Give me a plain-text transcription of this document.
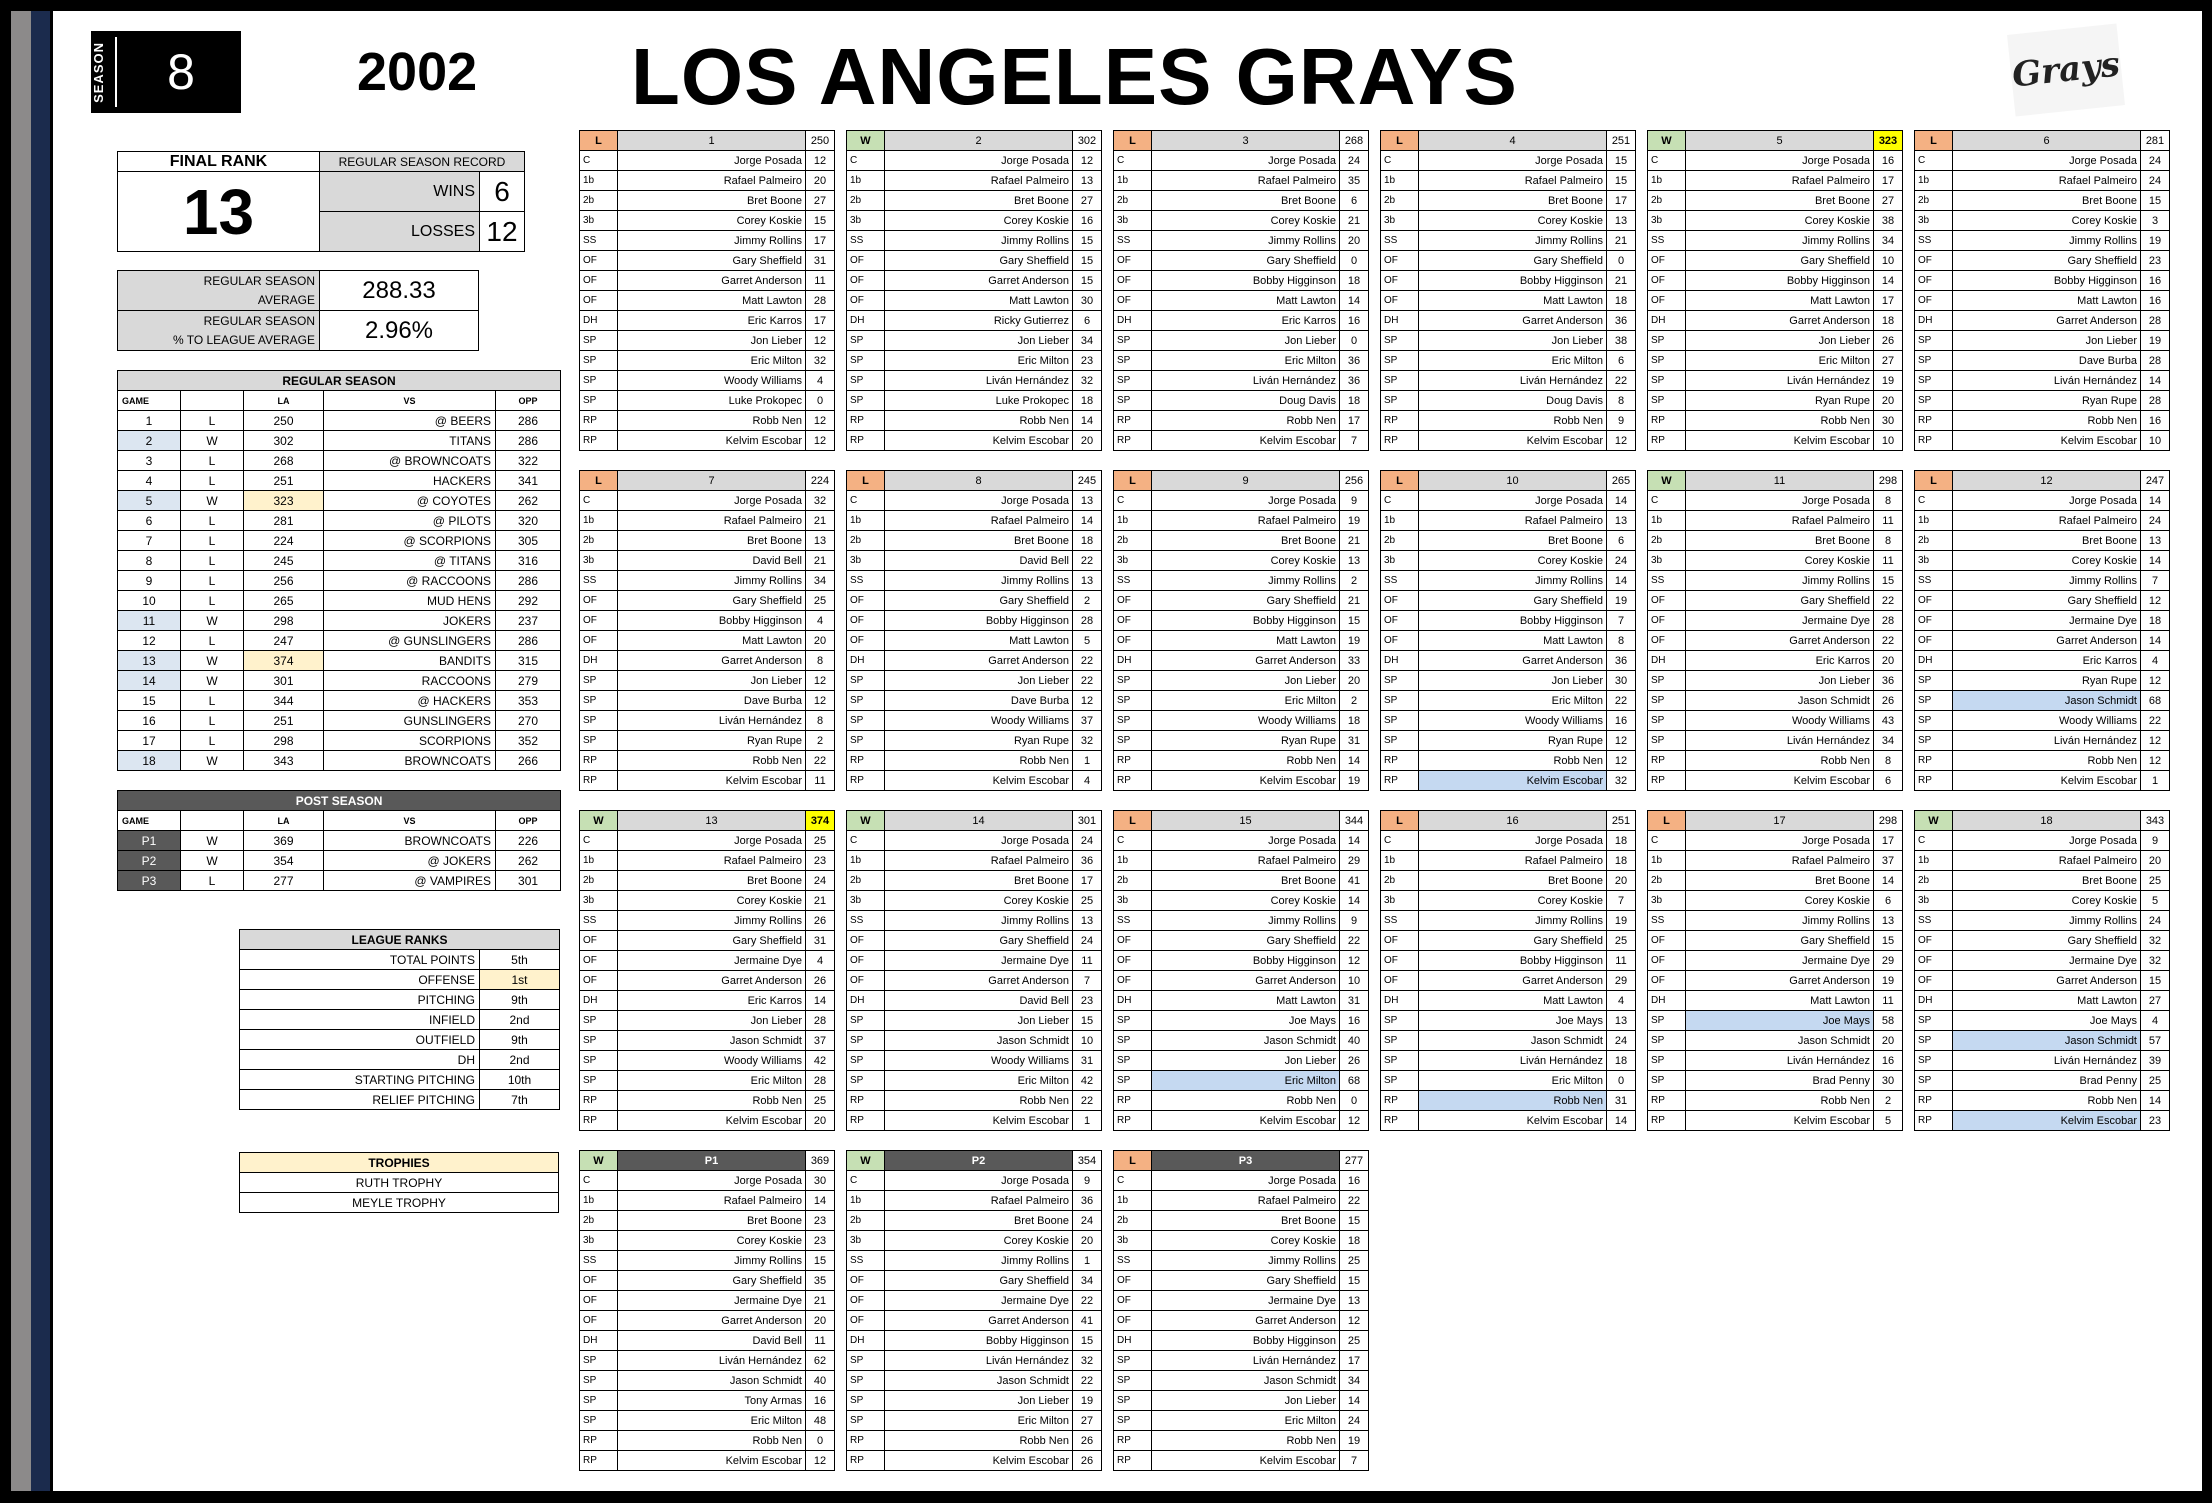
SEASON	8	2002 LOS ANGELES GRAYS	Grays
FINAL RANK	REGULAR SEASON RECORD	
13	WINS	6
	LOSSES	12
REGULAR SEASON
AVERAGE	288.33
REGULAR SEASON
% TO LEAGUE AVERAGE	2.96%
REGULAR SEASON				
GAME		LA	VS	OPP
1	L	250	@ BEERS	286
2	W	302	TITANS	286
3	L	268	@ BROWNCOATS	322
4	L	251	HACKERS	341
5	W	323	@ COYOTES	262
6	L	281	@ PILOTS	320
7	L	224	@ SCORPIONS	305
8	L	245	@ TITANS	316
9	L	256	@ RACCOONS	286
10	L	265	MUD HENS	292
11	W	298	JOKERS	237
12	L	247	@ GUNSLINGERS	286
13	W	374	BANDITS	315
14	W	301	RACCOONS	279
15	L	344	@ HACKERS	353
16	L	251	GUNSLINGERS	270
17	L	298	SCORPIONS	352
18	W	343	BROWNCOATS	266
POST SEASON				
GAME		LA	VS	OPP
P1	W	369	BROWNCOATS	226
P2	W	354	@ JOKERS	262
P3	L	277	@ VAMPIRES	301
LEAGUE RANKS	
TOTAL POINTS	5th
OFFENSE	1st
PITCHING	9th
INFIELD	2nd
OUTFIELD	9th
DH	2nd
STARTING PITCHING	10th
RELIEF PITCHING	7th
TROPHIES
RUTH TROPHY
MEYLE TROPHY
L	1	250
C	Jorge Posada	12
1b	Rafael Palmeiro	20
2b	Bret Boone	27
3b	Corey Koskie	15
SS	Jimmy Rollins	17
OF	Gary Sheffield	31
OF	Garret Anderson	11
OF	Matt Lawton	28
DH	Eric Karros	17
SP	Jon Lieber	12
SP	Eric Milton	32
SP	Woody Williams	4
SP	Luke Prokopec	0
RP	Robb Nen	12
RP	Kelvim Escobar	12
W	2	302
C	Jorge Posada	12
1b	Rafael Palmeiro	13
2b	Bret Boone	27
3b	Corey Koskie	16
SS	Jimmy Rollins	15
OF	Gary Sheffield	15
OF	Garret Anderson	15
OF	Matt Lawton	30
DH	Ricky Gutierrez	6
SP	Jon Lieber	34
SP	Eric Milton	23
SP	Liván Hernández	32
SP	Luke Prokopec	18
RP	Robb Nen	14
RP	Kelvim Escobar	20
L	3	268
C	Jorge Posada	24
1b	Rafael Palmeiro	35
2b	Bret Boone	6
3b	Corey Koskie	21
SS	Jimmy Rollins	20
OF	Gary Sheffield	0
OF	Bobby Higginson	18
OF	Matt Lawton	14
DH	Eric Karros	16
SP	Jon Lieber	0
SP	Eric Milton	36
SP	Liván Hernández	36
SP	Doug Davis	18
RP	Robb Nen	17
RP	Kelvim Escobar	7
L	4	251
C	Jorge Posada	15
1b	Rafael Palmeiro	15
2b	Bret Boone	17
3b	Corey Koskie	13
SS	Jimmy Rollins	21
OF	Gary Sheffield	0
OF	Bobby Higginson	21
OF	Matt Lawton	18
DH	Garret Anderson	36
SP	Jon Lieber	38
SP	Eric Milton	6
SP	Liván Hernández	22
SP	Doug Davis	8
RP	Robb Nen	9
RP	Kelvim Escobar	12
W	5	323
C	Jorge Posada	16
1b	Rafael Palmeiro	17
2b	Bret Boone	27
3b	Corey Koskie	38
SS	Jimmy Rollins	34
OF	Gary Sheffield	10
OF	Bobby Higginson	14
OF	Matt Lawton	17
DH	Garret Anderson	18
SP	Jon Lieber	26
SP	Eric Milton	27
SP	Liván Hernández	19
SP	Ryan Rupe	20
RP	Robb Nen	30
RP	Kelvim Escobar	10
L	6	281
C	Jorge Posada	24
1b	Rafael Palmeiro	24
2b	Bret Boone	15
3b	Corey Koskie	3
SS	Jimmy Rollins	19
OF	Gary Sheffield	23
OF	Bobby Higginson	16
OF	Matt Lawton	16
DH	Garret Anderson	28
SP	Jon Lieber	19
SP	Dave Burba	28
SP	Liván Hernández	14
SP	Ryan Rupe	28
RP	Robb Nen	16
RP	Kelvim Escobar	10
L	7	224
C	Jorge Posada	32
1b	Rafael Palmeiro	21
2b	Bret Boone	13
3b	David Bell	21
SS	Jimmy Rollins	34
OF	Gary Sheffield	25
OF	Bobby Higginson	4
OF	Matt Lawton	20
DH	Garret Anderson	8
SP	Jon Lieber	12
SP	Dave Burba	12
SP	Liván Hernández	8
SP	Ryan Rupe	2
RP	Robb Nen	22
RP	Kelvim Escobar	11
L	8	245
C	Jorge Posada	13
1b	Rafael Palmeiro	14
2b	Bret Boone	18
3b	David Bell	22
SS	Jimmy Rollins	13
OF	Gary Sheffield	2
OF	Bobby Higginson	28
OF	Matt Lawton	5
DH	Garret Anderson	22
SP	Jon Lieber	22
SP	Dave Burba	12
SP	Woody Williams	37
SP	Ryan Rupe	32
RP	Robb Nen	1
RP	Kelvim Escobar	4
L	9	256
C	Jorge Posada	9
1b	Rafael Palmeiro	19
2b	Bret Boone	21
3b	Corey Koskie	13
SS	Jimmy Rollins	2
OF	Gary Sheffield	21
OF	Bobby Higginson	15
OF	Matt Lawton	19
DH	Garret Anderson	33
SP	Jon Lieber	20
SP	Eric Milton	2
SP	Woody Williams	18
SP	Ryan Rupe	31
RP	Robb Nen	14
RP	Kelvim Escobar	19
L	10	265
C	Jorge Posada	14
1b	Rafael Palmeiro	13
2b	Bret Boone	6
3b	Corey Koskie	24
SS	Jimmy Rollins	14
OF	Gary Sheffield	19
OF	Bobby Higginson	7
OF	Matt Lawton	8
DH	Garret Anderson	36
SP	Jon Lieber	30
SP	Eric Milton	22
SP	Woody Williams	16
SP	Ryan Rupe	12
RP	Robb Nen	12
RP	Kelvim Escobar	32
W	11	298
C	Jorge Posada	8
1b	Rafael Palmeiro	11
2b	Bret Boone	8
3b	Corey Koskie	11
SS	Jimmy Rollins	15
OF	Gary Sheffield	22
OF	Jermaine Dye	28
OF	Garret Anderson	22
DH	Eric Karros	20
SP	Jon Lieber	36
SP	Jason Schmidt	26
SP	Woody Williams	43
SP	Liván Hernández	34
RP	Robb Nen	8
RP	Kelvim Escobar	6
L	12	247
C	Jorge Posada	14
1b	Rafael Palmeiro	24
2b	Bret Boone	13
3b	Corey Koskie	14
SS	Jimmy Rollins	7
OF	Gary Sheffield	12
OF	Jermaine Dye	18
OF	Garret Anderson	14
DH	Eric Karros	4
SP	Ryan Rupe	12
SP	Jason Schmidt	68
SP	Woody Williams	22
SP	Liván Hernández	12
RP	Robb Nen	12
RP	Kelvim Escobar	1
W	13	374
C	Jorge Posada	25
1b	Rafael Palmeiro	23
2b	Bret Boone	24
3b	Corey Koskie	21
SS	Jimmy Rollins	26
OF	Gary Sheffield	31
OF	Jermaine Dye	4
OF	Garret Anderson	26
DH	Eric Karros	14
SP	Jon Lieber	28
SP	Jason Schmidt	37
SP	Woody Williams	42
SP	Eric Milton	28
RP	Robb Nen	25
RP	Kelvim Escobar	20
W	14	301
C	Jorge Posada	24
1b	Rafael Palmeiro	36
2b	Bret Boone	17
3b	Corey Koskie	25
SS	Jimmy Rollins	13
OF	Gary Sheffield	24
OF	Jermaine Dye	11
OF	Garret Anderson	7
DH	David Bell	23
SP	Jon Lieber	15
SP	Jason Schmidt	10
SP	Woody Williams	31
SP	Eric Milton	42
RP	Robb Nen	22
RP	Kelvim Escobar	1
L	15	344
C	Jorge Posada	14
1b	Rafael Palmeiro	29
2b	Bret Boone	41
3b	Corey Koskie	14
SS	Jimmy Rollins	9
OF	Gary Sheffield	22
OF	Bobby Higginson	12
OF	Garret Anderson	10
DH	Matt Lawton	31
SP	Joe Mays	16
SP	Jason Schmidt	40
SP	Jon Lieber	26
SP	Eric Milton	68
RP	Robb Nen	0
RP	Kelvim Escobar	12
L	16	251
C	Jorge Posada	18
1b	Rafael Palmeiro	18
2b	Bret Boone	20
3b	Corey Koskie	7
SS	Jimmy Rollins	19
OF	Gary Sheffield	25
OF	Bobby Higginson	11
OF	Garret Anderson	29
DH	Matt Lawton	4
SP	Joe Mays	13
SP	Jason Schmidt	24
SP	Liván Hernández	18
SP	Eric Milton	0
RP	Robb Nen	31
RP	Kelvim Escobar	14
L	17	298
C	Jorge Posada	17
1b	Rafael Palmeiro	37
2b	Bret Boone	14
3b	Corey Koskie	6
SS	Jimmy Rollins	13
OF	Gary Sheffield	15
OF	Jermaine Dye	29
OF	Garret Anderson	19
DH	Matt Lawton	11
SP	Joe Mays	58
SP	Jason Schmidt	20
SP	Liván Hernández	16
SP	Brad Penny	30
RP	Robb Nen	2
RP	Kelvim Escobar	5
W	18	343
C	Jorge Posada	9
1b	Rafael Palmeiro	20
2b	Bret Boone	25
3b	Corey Koskie	5
SS	Jimmy Rollins	24
OF	Gary Sheffield	32
OF	Jermaine Dye	32
OF	Garret Anderson	15
DH	Matt Lawton	27
SP	Joe Mays	4
SP	Jason Schmidt	57
SP	Liván Hernández	39
SP	Brad Penny	25
RP	Robb Nen	14
RP	Kelvim Escobar	23
W	P1	369
C	Jorge Posada	30
1b	Rafael Palmeiro	14
2b	Bret Boone	23
3b	Corey Koskie	23
SS	Jimmy Rollins	15
OF	Gary Sheffield	35
OF	Jermaine Dye	21
OF	Garret Anderson	20
DH	David Bell	11
SP	Liván Hernández	62
SP	Jason Schmidt	40
SP	Tony Armas	16
SP	Eric Milton	48
RP	Robb Nen	0
RP	Kelvim Escobar	12
W	P2	354
C	Jorge Posada	9
1b	Rafael Palmeiro	36
2b	Bret Boone	24
3b	Corey Koskie	20
SS	Jimmy Rollins	1
OF	Gary Sheffield	34
OF	Jermaine Dye	22
OF	Garret Anderson	41
DH	Bobby Higginson	15
SP	Liván Hernández	32
SP	Jason Schmidt	22
SP	Jon Lieber	19
SP	Eric Milton	27
RP	Robb Nen	26
RP	Kelvim Escobar	26
L	P3	277
C	Jorge Posada	16
1b	Rafael Palmeiro	22
2b	Bret Boone	15
3b	Corey Koskie	18
SS	Jimmy Rollins	25
OF	Gary Sheffield	15
OF	Jermaine Dye	13
OF	Garret Anderson	12
DH	Bobby Higginson	25
SP	Liván Hernández	17
SP	Jason Schmidt	34
SP	Jon Lieber	14
SP	Eric Milton	24
RP	Robb Nen	19
RP	Kelvim Escobar	7
